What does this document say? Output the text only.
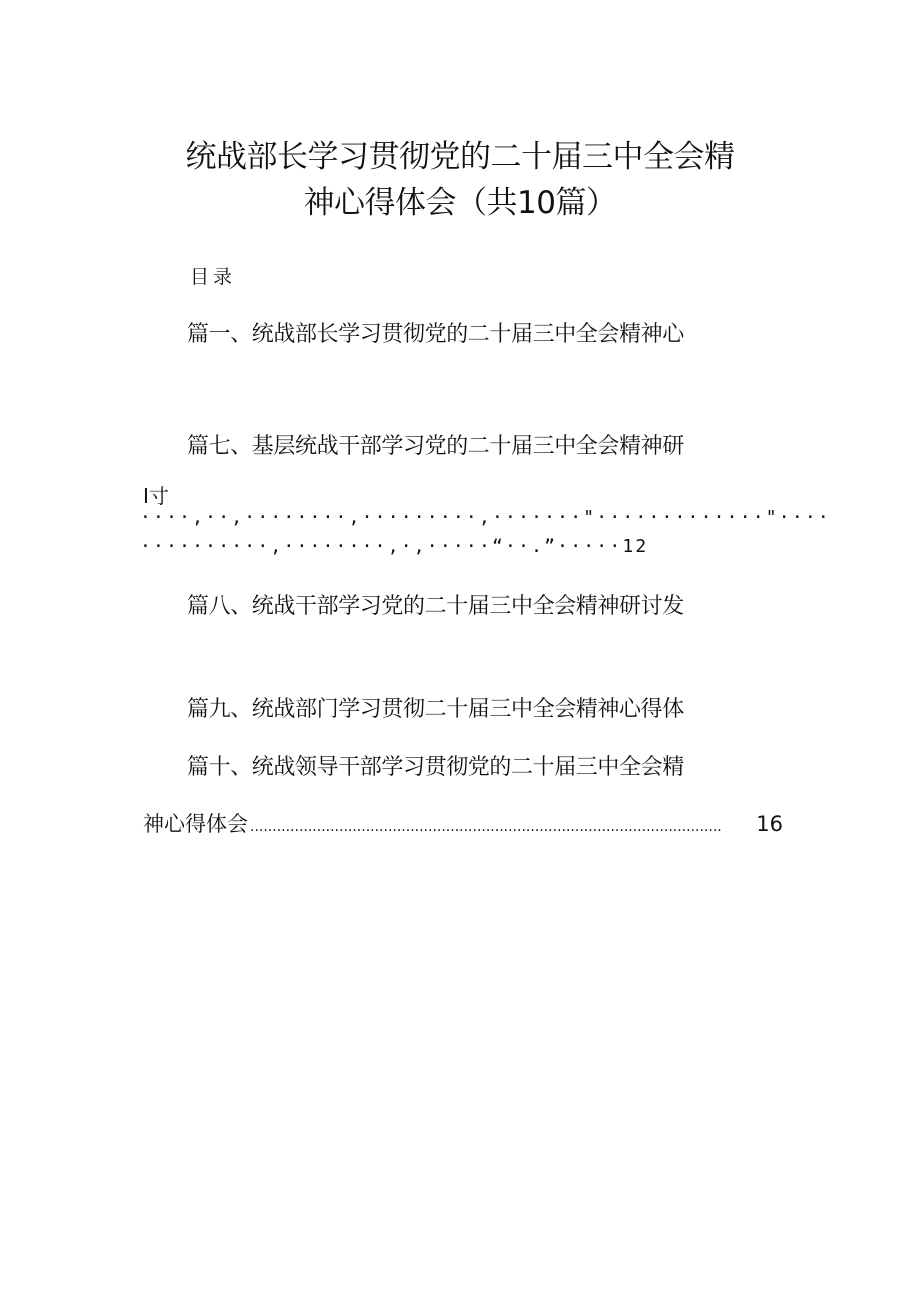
统战部长学习贯彻党的二十届三中全会精
神心得体会（共10篇）
目录
篇一、统战部长学习贯彻党的二十届三中全会精神心
篇七、基层统战干部学习党的二十届三中全会精神研
I寸
····,··,········,·········,·······"·············"····
··········,········,·,·····“··.”·····12
篇八、统战干部学习党的二十届三中全会精神研讨发
篇九、统战部门学习贯彻二十届三中全会精神心得体
篇十、统战领导干部学习贯彻党的二十届三中全会精
神心得体会 ..........................................................................................................	16
